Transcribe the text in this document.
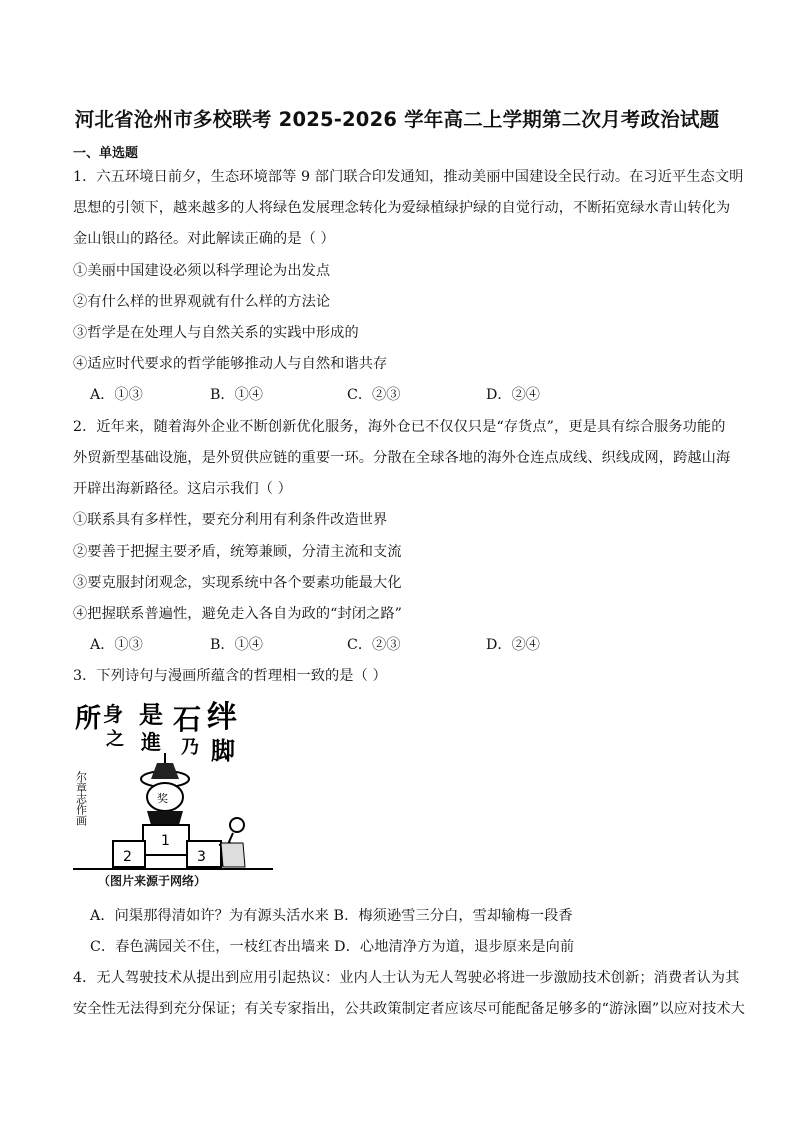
河北省沧州市多校联考 2025-2026 学年高二上学期第二次月考政治试题
一、单选题
1．六五环境日前夕，生态环境部等 9 部门联合印发通知，推动美丽中国建设全民行动。在习近平生态文明
思想的引领下，越来越多的人将绿色发展理念转化为爱绿植绿护绿的自觉行动，不断拓宽绿水青山转化为
金山银山的路径。对此解读正确的是（ ）
①美丽中国建设必须以科学理论为出发点
②有什么样的世界观就有什么样的方法论
③哲学是在处理人与自然关系的实践中形成的
④适应时代要求的哲学能够推动人与自然和谐共存
A．①③	B．①④	C．②③	D．②④
2．近年来，随着海外企业不断创新优化服务，海外仓已不仅仅只是“存货点”，更是具有综合服务功能的
外贸新型基础设施，是外贸供应链的重要一环。分散在全球各地的海外仓连点成线、织线成网，跨越山海
开辟出海新路径。这启示我们（ ）
①联系具有多样性，要充分利用有利条件改造世界
②要善于把握主要矛盾，统筹兼顾，分清主流和支流
③要克服封闭观念，实现系统中各个要素功能最大化
④把握联系普遍性，避免走入各自为政的“封闭之路”
A．①③	B．①④	C．②③	D．②④
3．下列诗句与漫画所蕴含的哲理相一致的是（ ）
所 身
之
是
進
石
乃
绊
脚
尔章志作画	奖
1
2	3
（图片来源于网络）
A．问渠那得清如许？为有源头活水来 B．梅须逊雪三分白，雪却输梅一段香
C．春色满园关不住，一枝红杏出墙来 D．心地清净方为道，退步原来是向前
4．无人驾驶技术从提出到应用引起热议：业内人士认为无人驾驶必将进一步激励技术创新；消费者认为其
安全性无法得到充分保证；有关专家指出，公共政策制定者应该尽可能配备足够多的“游泳圈”以应对技术大
